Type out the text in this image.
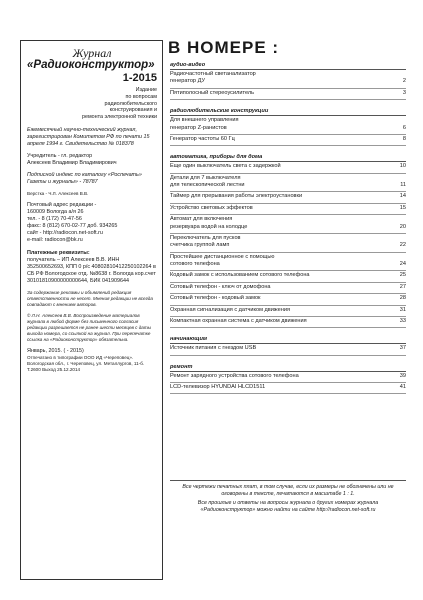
Журнал
«Радиоконструктор»
1-2015
Издание
по вопросам
радиолюбительского
конструирования и
ремонта электронной техники
Ежемесячный научно-технический журнал, зарегистрирован Комитетом РФ по печати 15 апреля 1994 г. Свидетельство № 018378
Учредитель - гл. редактор
Алексеев Владимир Владимирович
Подписной индекс по каталогу «Роспечать» Газеты и журналы» - 78787
Верстка - Ч.Л. Алексеев В.В.
Почтовый адрес редакции -
160009 Вологда а/я 26
тел. - 8 (172) 70-47-56
факс: 8 (812) 670-02-77 доб. 934265
сайт - http://radiocon.net-soft.ru
e-mail: radiocon@bk.ru
Платежные реквизиты:
получатель – ИП Алексеев В.В. ИНН 352500652693, КПП 0 р/с 40802810412250102264 в СБ РФ Вологодское отд. №8638 г. Вологда кор.счет 30101810900000000644, БИК 041909644
За содержание рекламы и объявлений редакция ответственности не несет. Мнения редакции не всегда совпадают с мнением авторов.
© Л.Н. Алексеев В.В. Воспроизведение материалов журнала в любой форме без письменного согласия редакции разрешается не ранее шести месяцев с даты выхода номера, со ссылкой на журнал. При перепечатке ссылка на «Радиоконструктор» обязательна.
Январь, 2015. ( - 2015)
Отпечатано в типографии ООО ИД «Череповец». Вологодская обл., г. Череповец, ул. Металлургов, 11-б. Т.2600 Выход 25.12.2014
В НОМЕРЕ :
аудио-видео
Радиочастотный светанализатор
генератор ДУ	2
Пятиполосный стереоусилитель	3
радиолюбительские конструкции
Для внешнего управления
генератор Z-ранистов	6
Генератор частоты 60 Гц	8
автоматика, приборы для дома
Еще один выключатель света с задержкой	10
Детали для 7 выключателя
для телескопической лестни	11
Таймер для прерывания работы электроустановки	14
Устройство световых эффектов	15
Автомат для включения
резервуара водой на колодце	20
Переключатель для пусков
счетчика группой ламп	22
Простейшее дистанционное с помощью
сотового телефона	24
Кодовый замок с использованием сотового телефона	25
Сотовый телефон - ключ от домофона	27
Сотовый телефон - кодовый замок	28
Охранная сигнализация с датчиком движения	31
Компактная охранная система с датчиком движения	33
начинающим
Источник питания с гнездом USB	37
ремонт
Ремонт зарядного устройства сотового телефона	39
LCD-телевизор HYUNDAI HLCD1511	41
Все чертежи печатных плат, в том случае, если их размеры не обозначены или не оговорены в тексте, печатаются в масштабе 1 : 1.
Все прошлые и ответы на вопросы журнала о других номерах журнала «Радиоконструктор» можно найти на сайте http://radiocon.net-soft.ru
